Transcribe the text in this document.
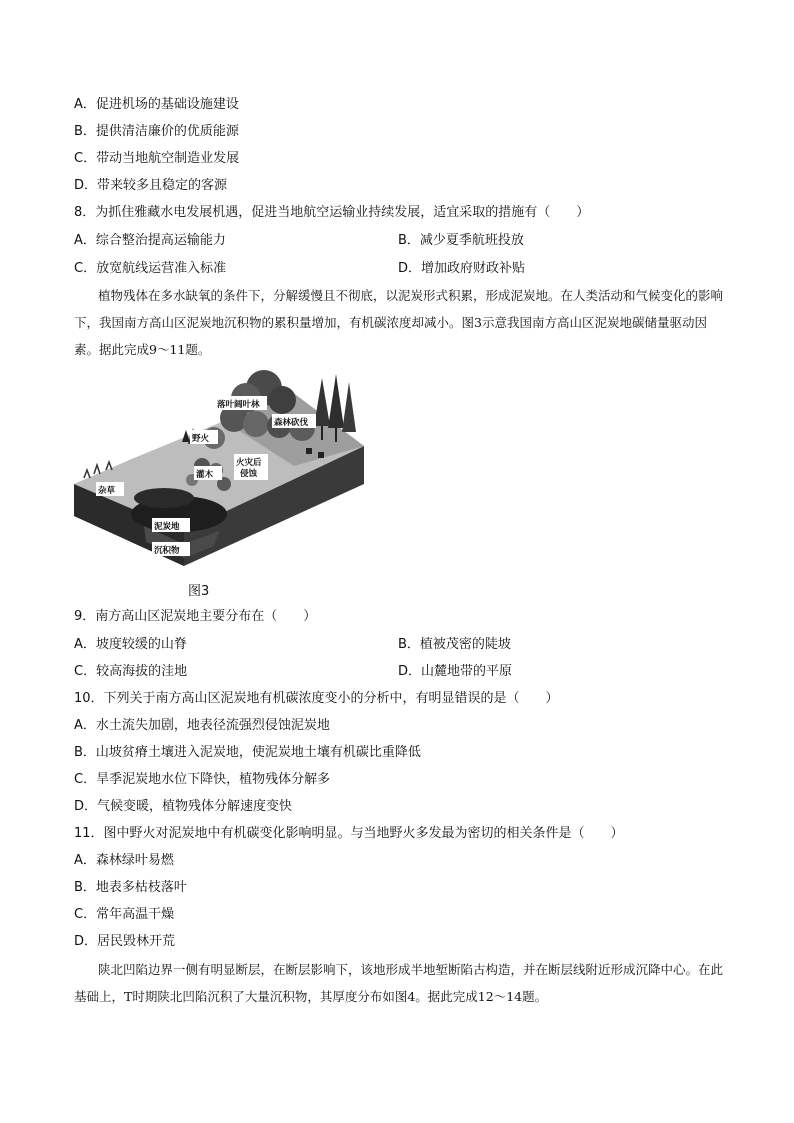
A．促进机场的基础设施建设
B．提供清洁廉价的优质能源
C．带动当地航空制造业发展
D．带来较多且稳定的客源
8．为抓住雅藏水电发展机遇，促进当地航空运输业持续发展，适宜采取的措施有（　　）
A．综合整治提高运输能力	B．减少夏季航班投放
C．放宽航线运营准入标准	D．增加政府财政补贴
植物残体在多水缺氧的条件下，分解缓慢且不彻底，以泥炭形式积累，形成泥炭地。在人类活动和气候变化的影响下，我国南方高山区泥炭地沉积物的累积量增加，有机碳浓度却减小。图3示意我国南方高山区泥炭地碳储量驱动因素。据此完成9～11题。
落叶阔叶林
森林砍伐
野火
火灾后
侵蚀
灌木
杂草
泥炭地
沉积物
图3
9．南方高山区泥炭地主要分布在（　　）
A．坡度较缓的山脊	B．植被茂密的陡坡
C．较高海拔的洼地	D．山麓地带的平原
10．下列关于南方高山区泥炭地有机碳浓度变小的分析中，有明显错误的是（　　）
A．水土流失加剧，地表径流强烈侵蚀泥炭地
B．山坡贫瘠土壤进入泥炭地，使泥炭地土壤有机碳比重降低
C．旱季泥炭地水位下降快，植物残体分解多
D．气候变暖，植物残体分解速度变快
11．图中野火对泥炭地中有机碳变化影响明显。与当地野火多发最为密切的相关条件是（　　）
A．森林绿叶易燃
B．地表多枯枝落叶
C．常年高温干燥
D．居民毁林开荒
陕北凹陷边界一侧有明显断层，在断层影响下，该地形成半地堑断陷古构造，并在断层线附近形成沉降中心。在此基础上，T时期陕北凹陷沉积了大量沉积物，其厚度分布如图4。据此完成12～14题。
